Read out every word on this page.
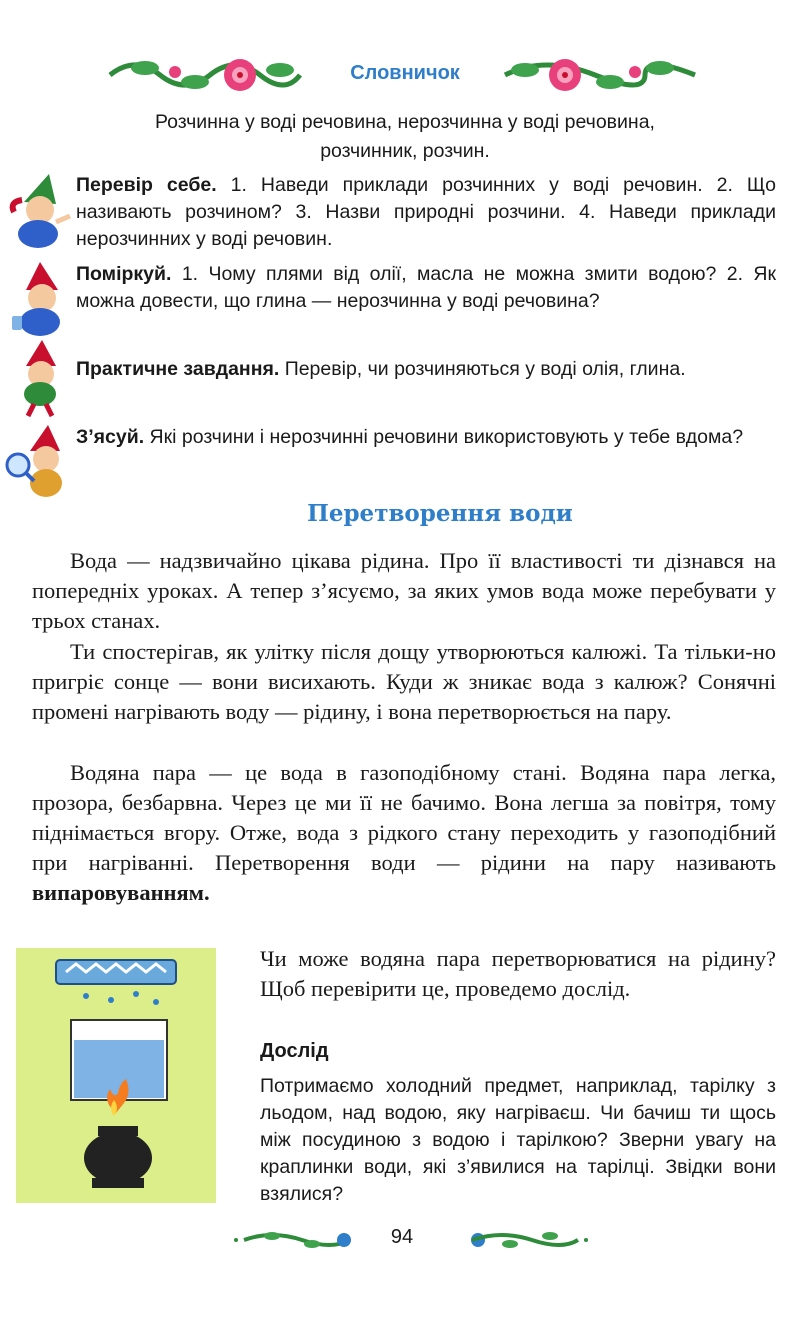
Словничок
Розчинна у воді речовина, нерозчинна у воді речовина,
розчинник, розчин.
Перевір себе. 1. Наведи приклади розчинних у воді речовин. 2. Що називають розчином? 3. Назви природні розчини. 4. Наведи приклади нерозчинних у воді речовин.
Поміркуй. 1. Чому плями від олії, масла не можна змити водою? 2. Як можна довести, що глина — нерозчинна у воді речовина?
Практичне завдання. Перевір, чи розчиняються у воді олія, глина.
З’ясуй. Які розчини і нерозчинні речовини використовують у тебе вдома?
Перетворення води
Вода — надзвичайно цікава рідина. Про її властивості ти дізнався на попередніх уроках. А тепер з’ясуємо, за яких умов вода може перебувати у трьох станах.
Ти спостерігав, як улітку після дощу утворюються калюжі. Та тільки-но пригріє сонце — вони висихають. Куди ж зникає вода з калюж? Сонячні промені нагрівають воду — рідину, і вона перетворюється на пару.
Водяна пара — це вода в газоподібному стані. Водяна пара легка, прозора, безбарвна. Через це ми її не бачимо. Вона легша за повітря, тому піднімається вгору. Отже, вода з рідкого стану переходить у газоподібний при нагріванні. Перетворення води — рідини на пару називають випаровуванням.
Чи може водяна пара перетворюватися на рідину? Щоб перевірити це, проведемо дослід.
Дослід
Потримаємо холодний предмет, наприклад, тарілку з льодом, над водою, яку нагріваєш. Чи бачиш ти щось між посудиною з водою і тарілкою? Зверни увагу на краплинки води, які з’явилися на тарілці. Звідки вони взялися?
94
